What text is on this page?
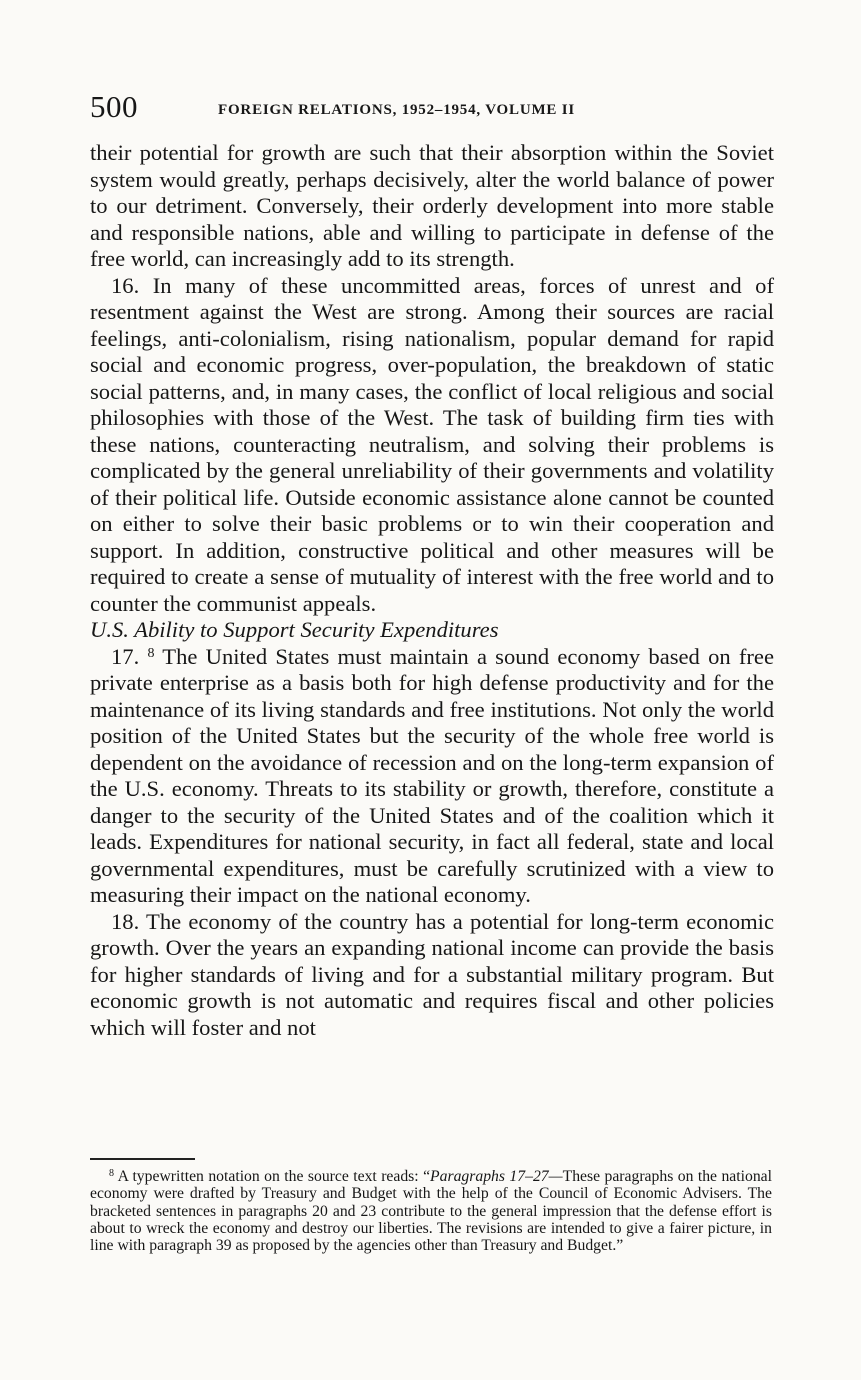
500	FOREIGN RELATIONS, 1952–1954, VOLUME II

their potential for growth are such that their absorption within the Soviet system would greatly, perhaps decisively, alter the world balance of power to our detriment. Conversely, their orderly development into more stable and responsible nations, able and willing to participate in defense of the free world, can increasingly add to its strength.

16. In many of these uncommitted areas, forces of unrest and of resentment against the West are strong. Among their sources are racial feelings, anti-colonialism, rising nationalism, popular demand for rapid social and economic progress, over-population, the breakdown of static social patterns, and, in many cases, the conflict of local religious and social philosophies with those of the West. The task of building firm ties with these nations, counteracting neutralism, and solving their problems is complicated by the general unreliability of their governments and volatility of their political life. Outside economic assistance alone cannot be counted on either to solve their basic problems or to win their cooperation and support. In addition, constructive political and other measures will be required to create a sense of mutuality of interest with the free world and to counter the communist appeals.

U.S. Ability to Support Security Expenditures

17. $^8$ The United States must maintain a sound economy based on free private enterprise as a basis both for high defense productivity and for the maintenance of its living standards and free institutions. Not only the world position of the United States but the security of the whole free world is dependent on the avoidance of recession and on the long-term expansion of the U.S. economy. Threats to its stability or growth, therefore, constitute a danger to the security of the United States and of the coalition which it leads. Expenditures for national security, in fact all federal, state and local governmental expenditures, must be carefully scrutinized with a view to measuring their impact on the national economy.

18. The economy of the country has a potential for long-term economic growth. Over the years an expanding national income can provide the basis for higher standards of living and for a substantial military program. But economic growth is not automatic and requires fiscal and other policies which will foster and not

$^8$ A typewritten notation on the source text reads: “Paragraphs 17–27—These paragraphs on the national economy were drafted by Treasury and Budget with the help of the Council of Economic Advisers. The bracketed sentences in paragraphs 20 and 23 contribute to the general impression that the defense effort is about to wreck the economy and destroy our liberties. The revisions are intended to give a fairer picture, in line with paragraph 39 as proposed by the agencies other than Treasury and Budget.”
